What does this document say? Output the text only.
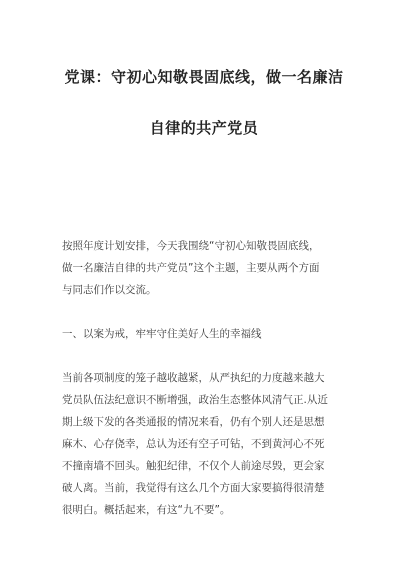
党课：守初心知敬畏固底线，做一名廉洁
自律的共产党员
按照年度计划安排，今天我围绕“守初心知敬畏固底线，
做一名廉洁自律的共产党员”这个主题，主要从两个方面
与同志们作以交流。
一、以案为戒，牢牢守住美好人生的幸福线
当前各项制度的笼子越收越紧，从严执纪的力度越来越大
党员队伍法纪意识不断增强，政治生态整体风清气正.从近
期上级下发的各类通报的情况来看，仍有个别人还是思想
麻木、心存侥幸，总认为还有空子可钻，不到黄河心不死
不撞南墙不回头。触犯纪律，不仅个人前途尽毁，更会家
破人离。当前，我觉得有这么几个方面大家要搞得很清楚
很明白。概括起来，有这“九不要”。
